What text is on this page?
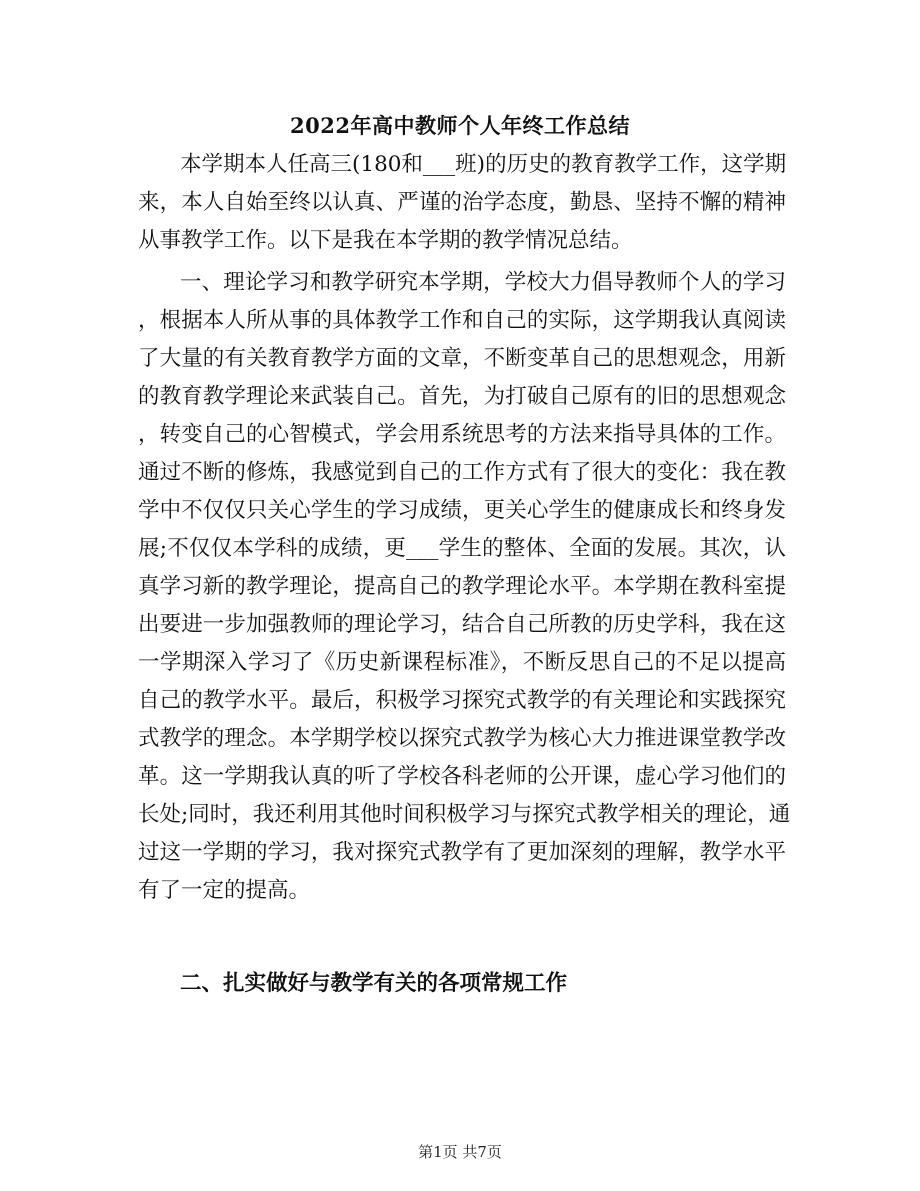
2022年高中教师个人年终工作总结
本学期本人任高三(180和___班)的历史的教育教学工作，这学期
来，本人自始至终以认真、严谨的治学态度，勤恳、坚持不懈的精神
从事教学工作。以下是我在本学期的教学情况总结。
一、理论学习和教学研究本学期，学校大力倡导教师个人的学习
，根据本人所从事的具体教学工作和自己的实际，这学期我认真阅读
了大量的有关教育教学方面的文章，不断变革自己的思想观念，用新
的教育教学理论来武装自己。首先，为打破自己原有的旧的思想观念
，转变自己的心智模式，学会用系统思考的方法来指导具体的工作。
通过不断的修炼，我感觉到自己的工作方式有了很大的变化：我在教
学中不仅仅只关心学生的学习成绩，更关心学生的健康成长和终身发
展;不仅仅本学科的成绩，更___学生的整体、全面的发展。其次，认
真学习新的教学理论，提高自己的教学理论水平。本学期在教科室提
出要进一步加强教师的理论学习，结合自己所教的历史学科，我在这
一学期深入学习了《历史新课程标准》，不断反思自己的不足以提高
自己的教学水平。最后，积极学习探究式教学的有关理论和实践探究
式教学的理念。本学期学校以探究式教学为核心大力推进课堂教学改
革。这一学期我认真的听了学校各科老师的公开课，虚心学习他们的
长处;同时，我还利用其他时间积极学习与探究式教学相关的理论，通
过这一学期的学习，我对探究式教学有了更加深刻的理解，教学水平
有了一定的提高。
二、扎实做好与教学有关的各项常规工作
第1页 共7页
